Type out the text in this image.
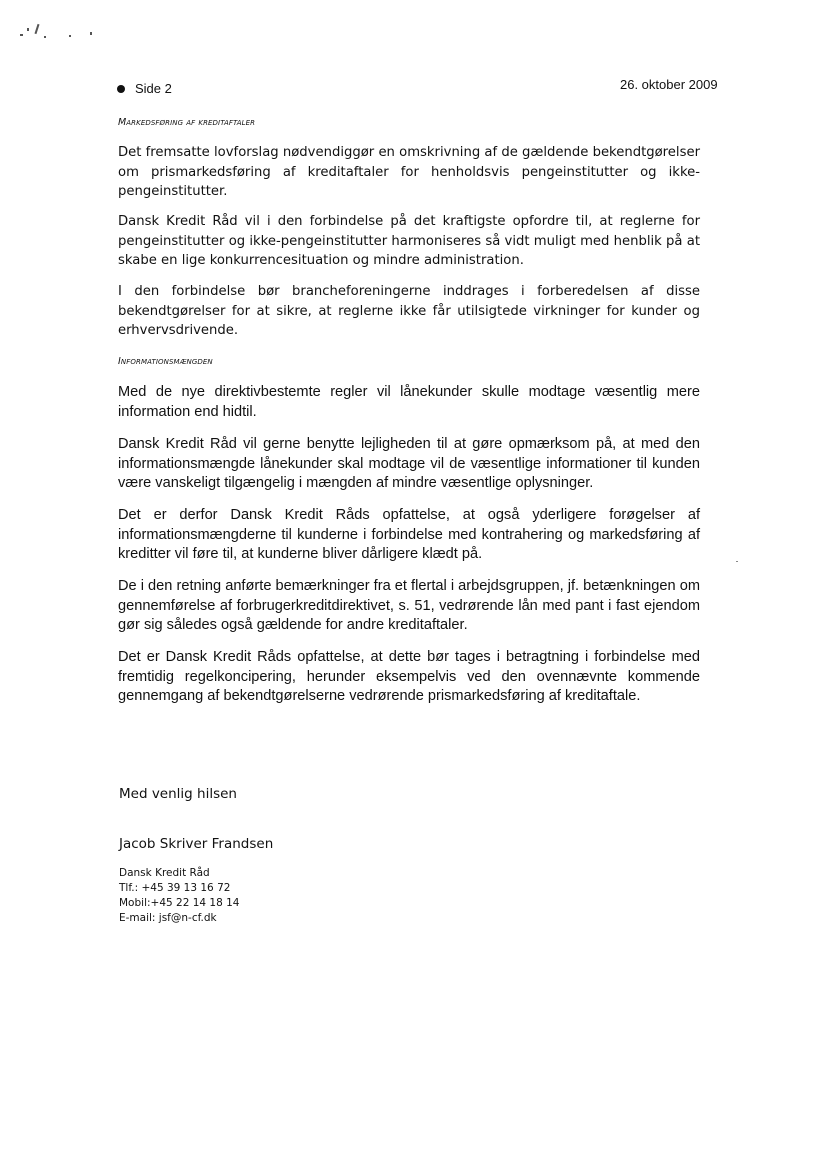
Side 2	26. oktober 2009
Markedsføring af kreditaftaler
Det fremsatte lovforslag nødvendiggør en omskrivning af de gældende bekendtgørelser om prismarkedsføring af kreditaftaler for henholdsvis pengeinstitutter og ikke-pengeinstitutter.
Dansk Kredit Råd vil i den forbindelse på det kraftigste opfordre til, at reglerne for pengeinstitutter og ikke-pengeinstitutter harmoniseres så vidt muligt med henblik på at skabe en lige konkurrencesituation og mindre administration.
I den forbindelse bør brancheforeningerne inddrages i forberedelsen af disse bekendtgørelser for at sikre, at reglerne ikke får utilsigtede virkninger for kunder og erhvervsdrivende.
Informationsmængden
Med de nye direktivbestemte regler vil lånekunder skulle modtage væsentlig mere information end hidtil.
Dansk Kredit Råd vil gerne benytte lejligheden til at gøre opmærksom på, at med den informationsmængde lånekunder skal modtage vil de væsentlige informationer til kunden være vanskeligt tilgængelig i mængden af mindre væsentlige oplysninger.
Det er derfor Dansk Kredit Råds opfattelse, at også yderligere forøgelser af informationsmængderne til kunderne i forbindelse med kontrahering og markedsføring af kreditter vil føre til, at kunderne bliver dårligere klædt på.
De i den retning anførte bemærkninger fra et flertal i arbejdsgruppen, jf. betænkningen om gennemførelse af forbrugerkreditdirektivet, s. 51, vedrørende lån med pant i fast ejendom gør sig således også gældende for andre kreditaftaler.
Det er Dansk Kredit Råds opfattelse, at dette bør tages i betragtning i forbindelse med fremtidig regelkoncipering, herunder eksempelvis ved den ovennævnte kommende gennemgang af bekendtgørelserne vedrørende prismarkedsføring af kreditaftale.
Med venlig hilsen
Jacob Skriver Frandsen
Dansk Kredit Råd
Tlf.: +45 39 13 16 72
Mobil:+45 22 14 18 14
E-mail: jsf@n-cf.dk
